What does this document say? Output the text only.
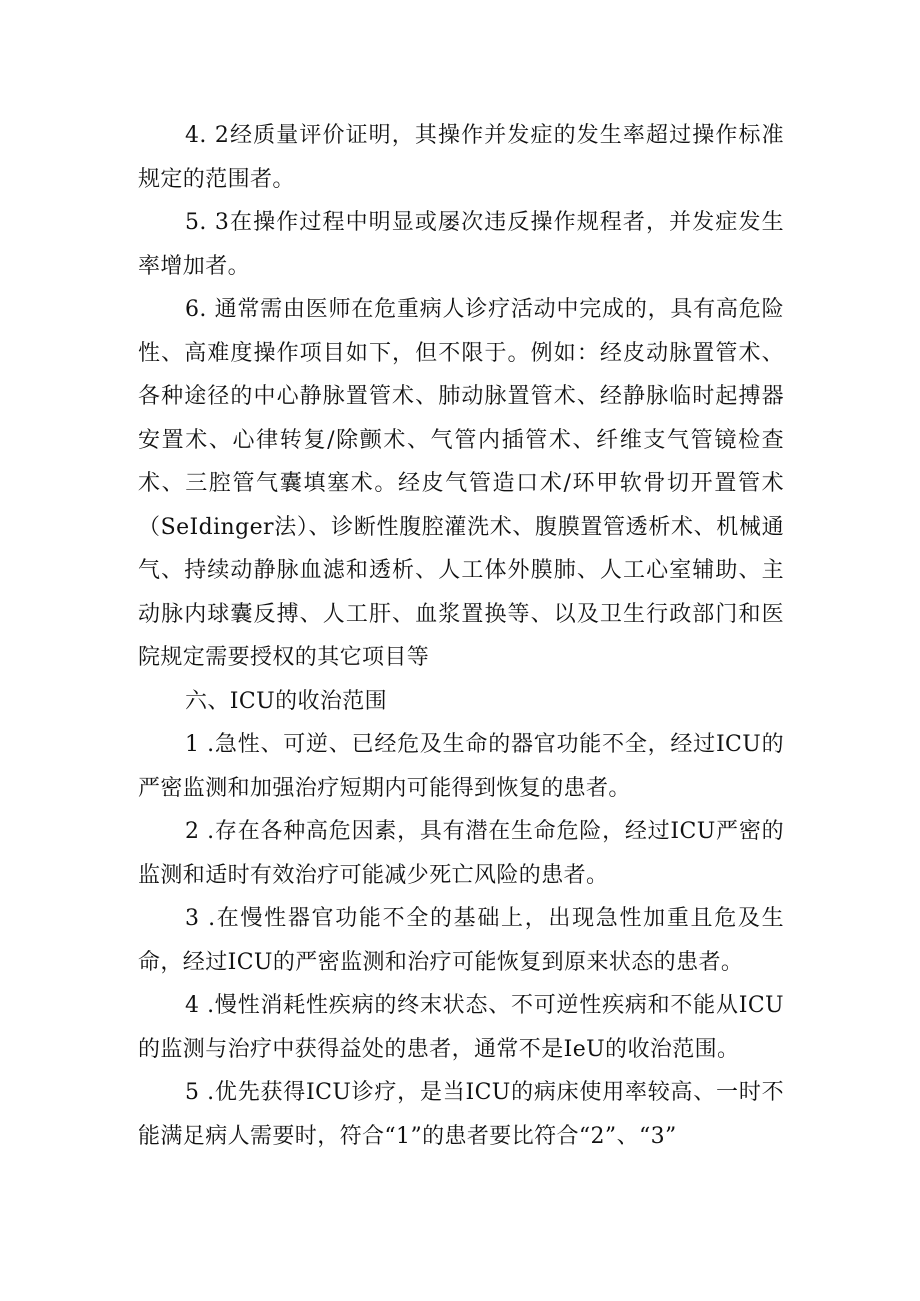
4. 2经质量评价证明，其操作并发症的发生率超过操作标准规定的范围者。

5. 3在操作过程中明显或屡次违反操作规程者，并发症发生率增加者。

6. 通常需由医师在危重病人诊疗活动中完成的，具有高危险性、高难度操作项目如下，但不限于。例如：经皮动脉置管术、各种途径的中心静脉置管术、肺动脉置管术、经静脉临时起搏器安置术、心律转复/除颤术、气管内插管术、纤维支气管镜检查术、三腔管气囊填塞术。经皮气管造口术/环甲软骨切开置管术（SeIdinger法）、诊断性腹腔灌洗术、腹膜置管透析术、机械通气、持续动静脉血滤和透析、人工体外膜肺、人工心室辅助、主动脉内球囊反搏、人工肝、血浆置换等、以及卫生行政部门和医院规定需要授权的其它项目等

六、ICU的收治范围

1 .急性、可逆、已经危及生命的器官功能不全，经过ICU的严密监测和加强治疗短期内可能得到恢复的患者。

2 .存在各种高危因素，具有潜在生命危险，经过ICU严密的监测和适时有效治疗可能减少死亡风险的患者。

3 .在慢性器官功能不全的基础上，出现急性加重且危及生命，经过ICU的严密监测和治疗可能恢复到原来状态的患者。

4 .慢性消耗性疾病的终末状态、不可逆性疾病和不能从ICU的监测与治疗中获得益处的患者，通常不是IeU的收治范围。

5 .优先获得ICU诊疗，是当ICU的病床使用率较高、一时不能满足病人需要时，符合“1”的患者要比符合“2”、“3”
